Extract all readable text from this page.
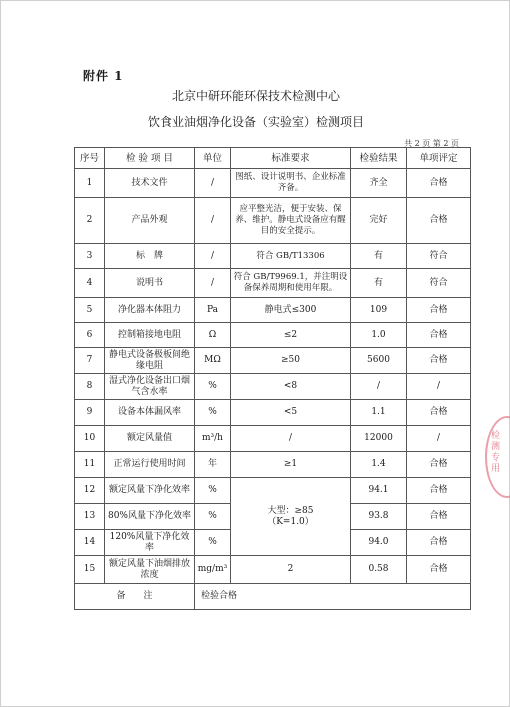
附件 1
北京中研环能环保技术检测中心
饮食业油烟净化设备（实验室）检测项目
共 2 页 第 2 页
序号	检 验 项 目	单位	标准要求	检验结果	单项评定
1	技术文件	/	图纸、设计说明书、企业标准齐备。	齐全	合格
2	产品外观	/	应平整光洁，便于安装、保养、维护。静电式设备应有醒目的安全提示。	完好	合格
3	标　牌	/	符合 GB/T13306	有	符合
4	说明书	/	符合 GB/T9969.1，并注明设备保养周期和使用年限。	有	符合
5	净化器本体阻力	Pa	静电式≤300	109	合格
6	控制箱接地电阻	Ω	≤2	1.0	合格
7	静电式设备极板间绝缘电阻	MΩ	≥50	5600	合格
8	湿式净化设备出口烟气含水率	%	<8	/	/
9	设备本体漏风率	%	<5	1.1	合格
10	额定风量值	m³/h	/	12000	/
11	正常运行使用时间	年	≥1	1.4	合格
12	额定风量下净化效率	%	大型：≥85
（K=1.0）	94.1	合格
13	80%风量下净化效率	%		93.8	合格
14	120%风量下净化效率	%		94.0	合格
15	额定风量下油烟排放浓度	mg/m³	2	0.58	合格
备　　注		检验合格			
检测专用
